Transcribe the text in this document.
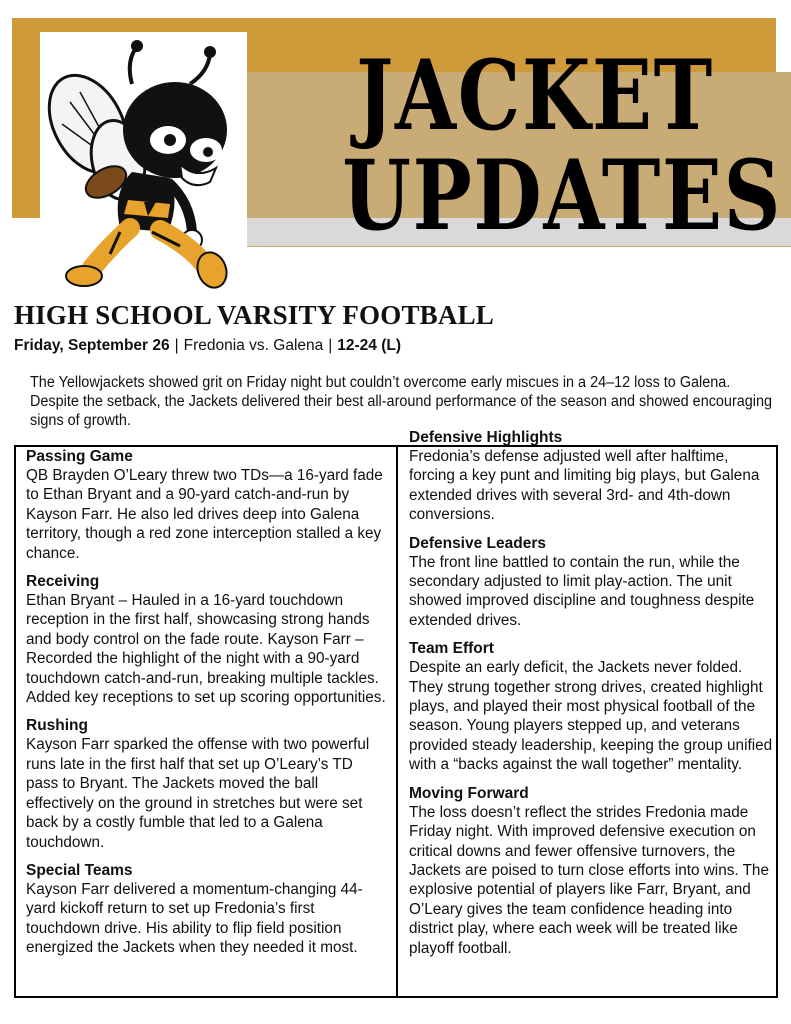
JACKET
UPDATES
HIGH SCHOOL VARSITY FOOTBALL
Friday, September 26 | Fredonia vs. Galena | 12-24 (L)

The Yellowjackets showed grit on Friday night but couldn’t overcome early miscues in a 24–12 loss to Galena. Despite the setback, the Jackets delivered their best all-around performance of the season and showed encouraging signs of growth.

Passing Game

QB Brayden O’Leary threw two TDs—a 16-yard fade to Ethan Bryant and a 90-yard catch-and-run by Kayson Farr. He also led drives deep into Galena territory, though a red zone interception stalled a key chance.

Receiving

Ethan Bryant – Hauled in a 16-yard touchdown reception in the first half, showcasing strong hands and body control on the fade route. Kayson Farr – Recorded the highlight of the night with a 90-yard touchdown catch-and-run, breaking multiple tackles. Added key receptions to set up scoring opportunities.

Rushing

Kayson Farr sparked the offense with two powerful runs late in the first half that set up O’Leary’s TD pass to Bryant. The Jackets moved the ball effectively on the ground in stretches but were set back by a costly fumble that led to a Galena touchdown.

Special Teams

Kayson Farr delivered a momentum-changing 44-yard kickoff return to set up Fredonia’s first touchdown drive. His ability to flip field position energized the Jackets when they needed it most.

Defensive Highlights

Fredonia’s defense adjusted well after halftime, forcing a key punt and limiting big plays, but Galena extended drives with several 3rd- and 4th-down conversions.

Defensive Leaders

The front line battled to contain the run, while the secondary adjusted to limit play-action. The unit showed improved discipline and toughness despite extended drives.

Team Effort

Despite an early deficit, the Jackets never folded. They strung together strong drives, created highlight plays, and played their most physical football of the season. Young players stepped up, and veterans provided steady leadership, keeping the group unified with a “backs against the wall together” mentality.

Moving Forward

The loss doesn’t reflect the strides Fredonia made Friday night. With improved defensive execution on critical downs and fewer offensive turnovers, the Jackets are poised to turn close efforts into wins. The explosive potential of players like Farr, Bryant, and O’Leary gives the team confidence heading into district play, where each week will be treated like playoff football.
